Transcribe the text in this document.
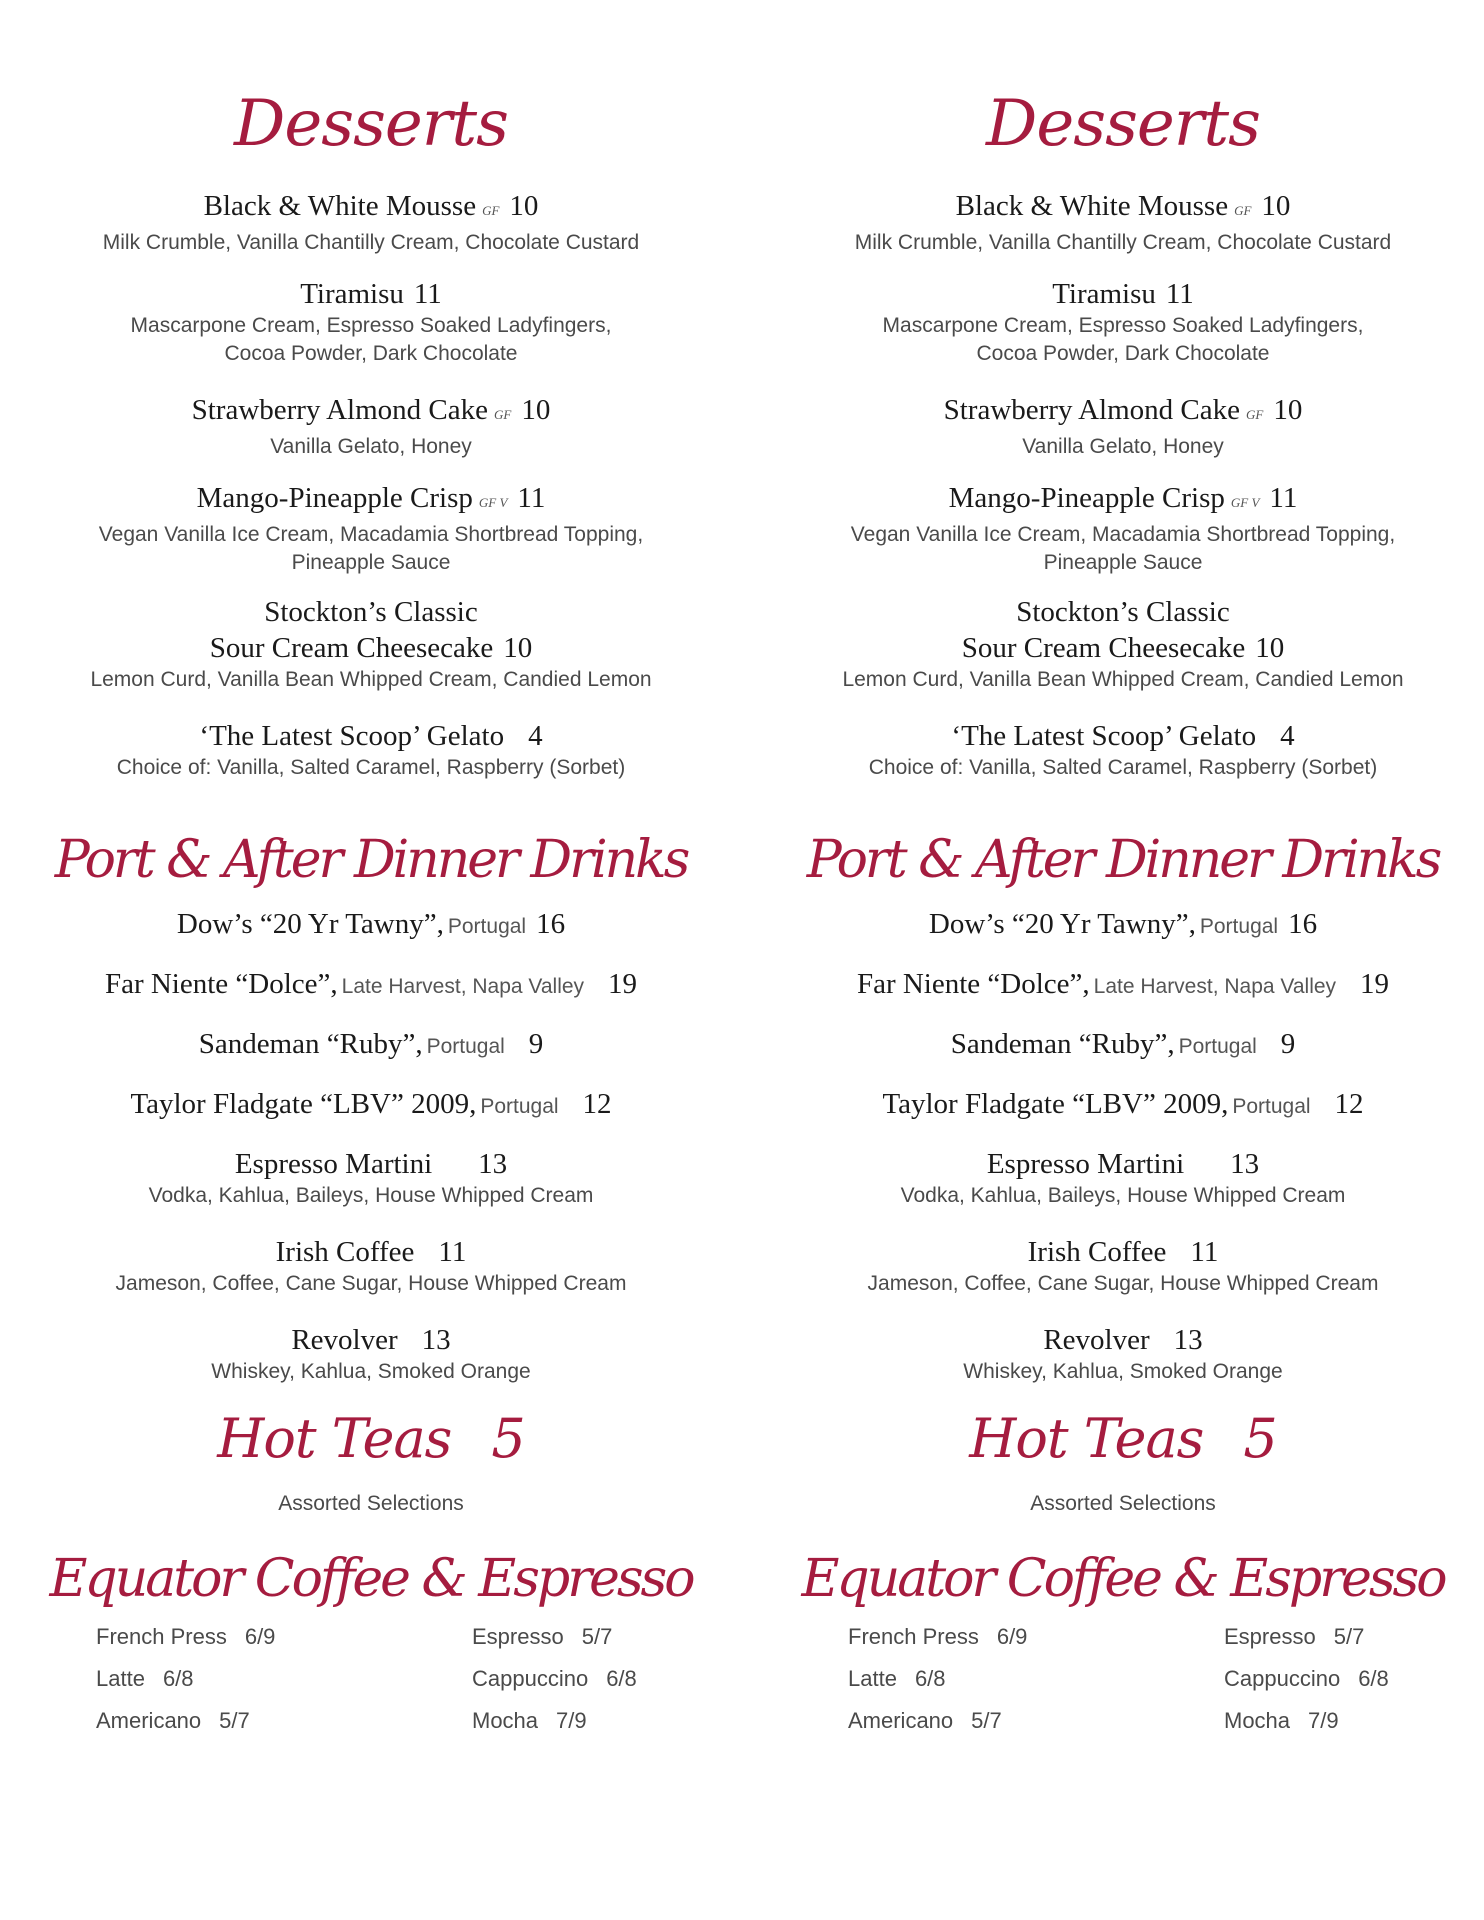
Desserts
Black & White Mousse GF 10
Milk Crumble, Vanilla Chantilly Cream, Chocolate Custard
Tiramisu 11
Mascarpone Cream, Espresso Soaked Ladyfingers,
Cocoa Powder, Dark Chocolate
Strawberry Almond Cake GF 10
Vanilla Gelato, Honey
Mango-Pineapple Crisp GF V 11
Vegan Vanilla Ice Cream, Macadamia Shortbread Topping,
Pineapple Sauce
Stockton’s Classic
Sour Cream Cheesecake 10
Lemon Curd, Vanilla Bean Whipped Cream, Candied Lemon
‘The Latest Scoop’ Gelato 4
Choice of: Vanilla, Salted Caramel, Raspberry (Sorbet)
Port & After Dinner Drinks
Dow’s “20 Yr Tawny”, Portugal 16
Far Niente “Dolce”, Late Harvest, Napa Valley 19
Sandeman “Ruby”, Portugal 9
Taylor Fladgate “LBV” 2009, Portugal 12
Espresso Martini 13
Vodka, Kahlua, Baileys, House Whipped Cream
Irish Coffee 11
Jameson, Coffee, Cane Sugar, House Whipped Cream
Revolver 13
Whiskey, Kahlua, Smoked Orange
Hot Teas 5
Assorted Selections
Equator Coffee & Espresso
French Press 6/9
Latte 6/8
Americano 5/7
Espresso 5/7
Cappuccino 6/8
Mocha 7/9
Desserts
Black & White Mousse GF 10
Milk Crumble, Vanilla Chantilly Cream, Chocolate Custard
Tiramisu 11
Mascarpone Cream, Espresso Soaked Ladyfingers,
Cocoa Powder, Dark Chocolate
Strawberry Almond Cake GF 10
Vanilla Gelato, Honey
Mango-Pineapple Crisp GF V 11
Vegan Vanilla Ice Cream, Macadamia Shortbread Topping,
Pineapple Sauce
Stockton’s Classic
Sour Cream Cheesecake 10
Lemon Curd, Vanilla Bean Whipped Cream, Candied Lemon
‘The Latest Scoop’ Gelato 4
Choice of: Vanilla, Salted Caramel, Raspberry (Sorbet)
Port & After Dinner Drinks
Dow’s “20 Yr Tawny”, Portugal 16
Far Niente “Dolce”, Late Harvest, Napa Valley 19
Sandeman “Ruby”, Portugal 9
Taylor Fladgate “LBV” 2009, Portugal 12
Espresso Martini 13
Vodka, Kahlua, Baileys, House Whipped Cream
Irish Coffee 11
Jameson, Coffee, Cane Sugar, House Whipped Cream
Revolver 13
Whiskey, Kahlua, Smoked Orange
Hot Teas 5
Assorted Selections
Equator Coffee & Espresso
French Press 6/9
Latte 6/8
Americano 5/7
Espresso 5/7
Cappuccino 6/8
Mocha 7/9
